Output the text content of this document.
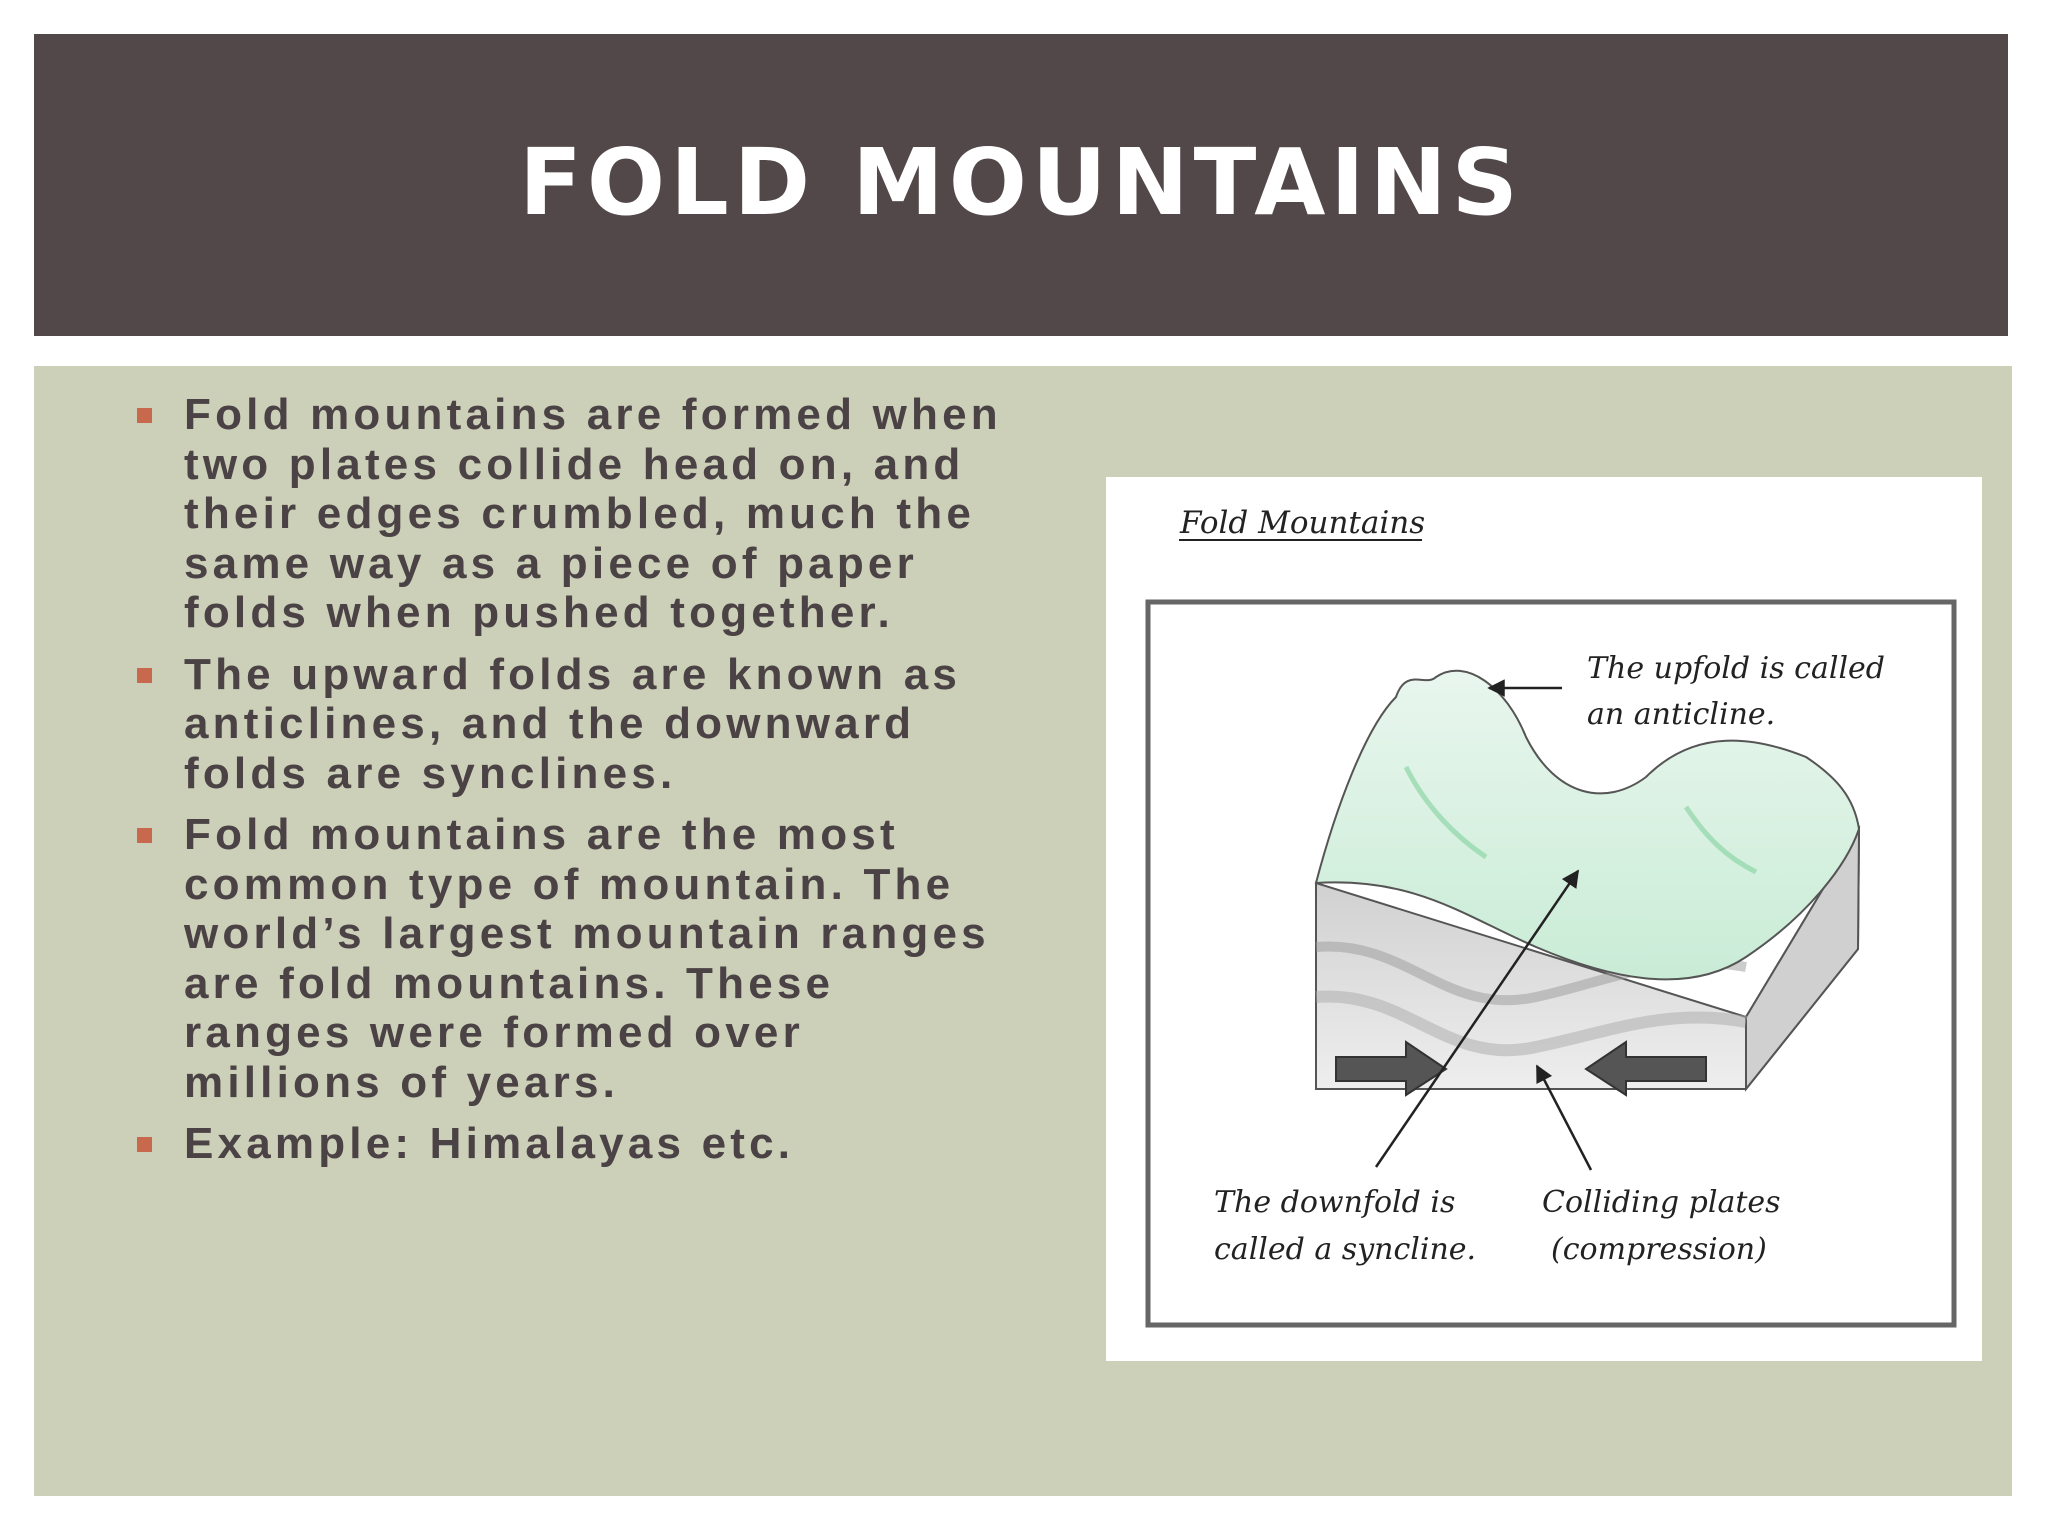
FOLD MOUNTAINS
Fold mountains are formed when two plates collide head on, and their edges crumbled, much the same way as a piece of paper folds when pushed together.
The upward folds are known as anticlines, and the downward folds are synclines.
Fold mountains are the most common type of mountain. The world’s largest mountain ranges are fold mountains. These ranges were formed over millions of years.
Example: Himalayas etc.
Fold Mountains
The upfold is called an anticline.
The downfold is called a syncline.
Colliding plates (compression)
